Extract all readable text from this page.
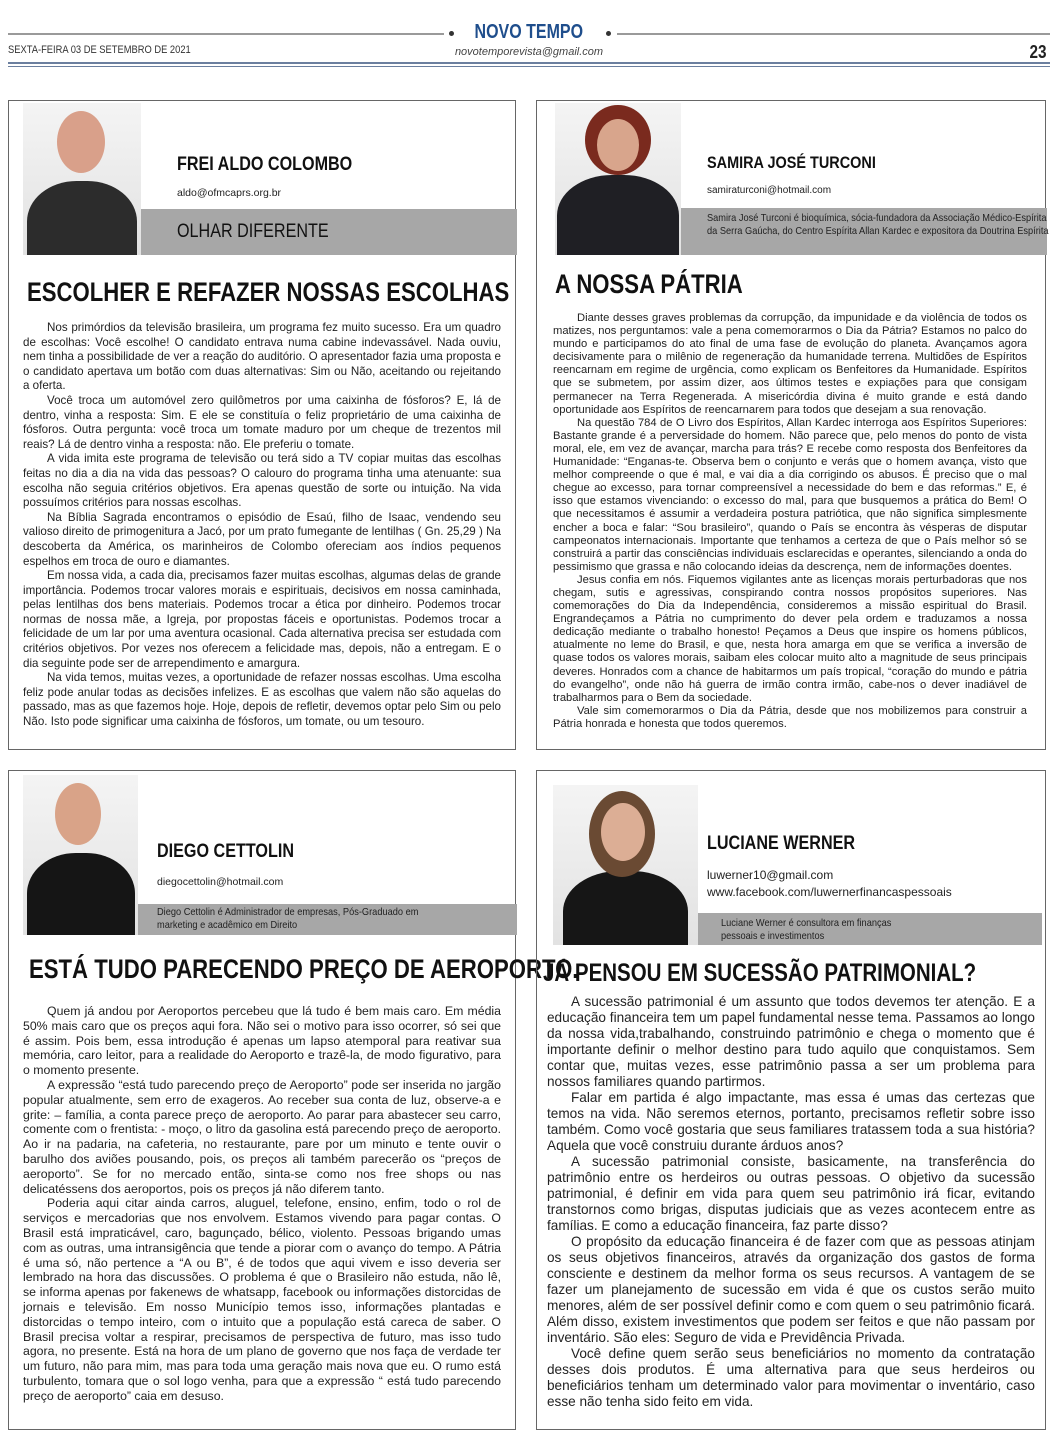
NOVO TEMPO
SEXTA-FEIRA 03 DE SETEMBRO DE 2021	novotemporevista@gmail.com	23
FREI ALDO COLOMBO
aldo@ofmcaprs.org.br
OLHAR DIFERENTE
ESCOLHER E REFAZER NOSSAS ESCOLHAS

Nos primórdios da televisão brasileira, um programa fez muito sucesso. Era um quadro de escolhas: Você escolhe! O candidato entrava numa cabine indevassável. Nada ouviu, nem tinha a possibilidade de ver a reação do auditório. O apresentador fazia uma proposta e o candidato apertava um botão com duas alternativas: Sim ou Não, aceitando ou rejeitando a oferta.

Você troca um automóvel zero quilômetros por uma caixinha de fósforos? E, lá de dentro, vinha a resposta: Sim. E ele se constituía o feliz proprietário de uma caixinha de fósforos. Outra pergunta: você troca um tomate maduro por um cheque de trezentos mil reais? Lá de dentro vinha a resposta: não. Ele preferiu o tomate.

A vida imita este programa de televisão ou terá sido a TV copiar muitas das escolhas feitas no dia a dia na vida das pessoas? O calouro do programa tinha uma atenuante: sua escolha não seguia critérios objetivos. Era apenas questão de sorte ou intuição. Na vida possuímos critérios para nossas escolhas.

Na Bíblia Sagrada encontramos o episódio de Esaú, filho de Isaac, vendendo seu valioso direito de primogenitura a Jacó, por um prato fumegante de lentilhas ( Gn. 25,29 ) Na descoberta da América, os marinheiros de Colombo ofereciam aos índios pequenos espelhos em troca de ouro e diamantes.

Em nossa vida, a cada dia, precisamos fazer muitas escolhas, algumas delas de grande importância. Podemos trocar valores morais e espirituais, decisivos em nossa caminhada, pelas lentilhas dos bens materiais. Podemos trocar a ética por dinheiro. Podemos trocar normas de nossa mãe, a Igreja, por propostas fáceis e oportunistas. Podemos trocar a felicidade de um lar por uma aventura ocasional. Cada alternativa precisa ser estudada com critérios objetivos. Por vezes nos oferecem a felicidade mas, depois, não a entregam. E o dia seguinte pode ser de arrependimento e amargura.

Na vida temos, muitas vezes, a oportunidade de refazer nossas escolhas. Uma escolha feliz pode anular todas as decisões infelizes. E as escolhas que valem não são aquelas do passado, mas as que fazemos hoje. Hoje, depois de refletir, devemos optar pelo Sim ou pelo Não. Isto pode significar uma caixinha de fósforos, um tomate, ou um tesouro.

SAMIRA JOSÉ TURCONI
samiraturconi@hotmail.com
Samira José Turconi é bioquímica, sócia-fundadora da Associação Médico-Espírita da Serra Gaúcha, do Centro Espírita Allan Kardec e expositora da Doutrina Espírita
A NOSSA PÁTRIA

Diante desses graves problemas da corrupção, da impunidade e da violência de todos os matizes, nos perguntamos: vale a pena comemorarmos o Dia da Pátria? Estamos no palco do mundo e participamos do ato final de uma fase de evolução do planeta. Avançamos agora decisivamente para o milênio de regeneração da humanidade terrena. Multidões de Espíritos reencarnam em regime de urgência, como explicam os Benfeitores da Humanidade. Espíritos que se submetem, por assim dizer, aos últimos testes e expiações para que consigam permanecer na Terra Regenerada. A misericórdia divina é muito grande e está dando oportunidade aos Espíritos de reencarnarem para todos que desejam a sua renovação.

Na questão 784 de O Livro dos Espíritos, Allan Kardec interroga aos Espíritos Superiores: Bastante grande é a perversidade do homem. Não parece que, pelo menos do ponto de vista moral, ele, em vez de avançar, marcha para trás? E recebe como resposta dos Benfeitores da Humanidade: “Enganas-te. Observa bem o conjunto e verás que o homem avança, visto que melhor compreende o que é mal, e vai dia a dia corrigindo os abusos. É preciso que o mal chegue ao excesso, para tornar compreensível a necessidade do bem e das reformas.” E, é isso que estamos vivenciando: o excesso do mal, para que busquemos a prática do Bem! O que necessitamos é assumir a verdadeira postura patriótica, que não significa simplesmente encher a boca e falar: “Sou brasileiro”, quando o País se encontra às vésperas de disputar campeonatos internacionais. Importante que tenhamos a certeza de que o País melhor só se construirá a partir das consciências individuais esclarecidas e operantes, silenciando a onda do pessimismo que grassa e não colocando ideias da descrença, nem de informações doentes.

Jesus confia em nós. Fiquemos vigilantes ante as licenças morais perturbadoras que nos chegam, sutis e agressivas, conspirando contra nossos propósitos superiores. Nas comemorações do Dia da Independência, consideremos a missão espiritual do Brasil. Engrandeçamos a Pátria no cumprimento do dever pela ordem e traduzamos a nossa dedicação mediante o trabalho honesto! Peçamos a Deus que inspire os homens públicos, atualmente no leme do Brasil, e que, nesta hora amarga em que se verifica a inversão de quase todos os valores morais, saibam eles colocar muito alto a magnitude de seus principais deveres. Honrados com a chance de habitarmos um país tropical, “coração do mundo e pátria do evangelho”, onde não há guerra de irmão contra irmão, cabe-nos o dever inadiável de trabalharmos para o Bem da sociedade.

Vale sim comemorarmos o Dia da Pátria, desde que nos mobilizemos para construir a Pátria honrada e honesta que todos queremos.

DIEGO CETTOLIN
diegocettolin@hotmail.com
Diego Cettolin é Administrador de empresas, Pós-Graduado em marketing e acadêmico em Direito
ESTÁ TUDO PARECENDO PREÇO DE AEROPORTO.

Quem já andou por Aeroportos percebeu que lá tudo é bem mais caro. Em média 50% mais caro que os preços aqui fora. Não sei o motivo para isso ocorrer, só sei que é assim. Pois bem, essa introdução é apenas um lapso atemporal para reativar sua memória, caro leitor, para a realidade do Aeroporto e trazê-la, de modo figurativo, para o momento presente.

A expressão “está tudo parecendo preço de Aeroporto” pode ser inserida no jargão popular atualmente, sem erro de exageros. Ao receber sua conta de luz, observe-a e grite: – família, a conta parece preço de aeroporto. Ao parar para abastecer seu carro, comente com o frentista: - moço, o litro da gasolina está parecendo preço de aeroporto. Ao ir na padaria, na cafeteria, no restaurante, pare por um minuto e tente ouvir o barulho dos aviões pousando, pois, os preços ali também parecerão os “preços de aeroporto”. Se for no mercado então, sinta-se como nos free shops ou nas delicatéssens dos aeroportos, pois os preços já não diferem tanto.

Poderia aqui citar ainda carros, aluguel, telefone, ensino, enfim, todo o rol de serviços e mercadorias que nos envolvem. Estamos vivendo para pagar contas. O Brasil está impraticável, caro, bagunçado, bélico, violento. Pessoas brigando umas com as outras, uma intransigência que tende a piorar com o avanço do tempo. A Pátria é uma só, não pertence a “A ou B”, é de todos que aqui vivem e isso deveria ser lembrado na hora das discussões. O problema é que o Brasileiro não estuda, não lê, se informa apenas por fakenews de whatsapp, facebook ou informações distorcidas de jornais e televisão. Em nosso Município temos isso, informações plantadas e distorcidas o tempo inteiro, com o intuito que a população está careca de saber. O Brasil precisa voltar a respirar, precisamos de perspectiva de futuro, mas isso tudo agora, no presente. Está na hora de um plano de governo que nos faça de verdade ter um futuro, não para mim, mas para toda uma geração mais nova que eu. O rumo está turbulento, tomara que o sol logo venha, para que a expressão “ está tudo parecendo preço de aeroporto” caia em desuso.

LUCIANE WERNER
luwerner10@gmail.com
www.facebook.com/luwernerfinancaspessoais
Luciane Werner é consultora em finanças pessoais e investimentos
JÁ PENSOU EM SUCESSÃO PATRIMONIAL?

A sucessão patrimonial é um assunto que todos devemos ter atenção. E a educação financeira tem um papel fundamental nesse tema. Passamos ao longo da nossa vida,trabalhando, construindo patrimônio e chega o momento que é importante definir o melhor destino para tudo aquilo que conquistamos. Sem contar que, muitas vezes, esse patrimônio passa a ser um problema para nossos familiares quando partirmos.

Falar em partida é algo impactante, mas essa é umas das certezas que temos na vida. Não seremos eternos, portanto, precisamos refletir sobre isso também. Como você gostaria que seus familiares tratassem toda a sua história? Aquela que você construiu durante árduos anos?

A sucessão patrimonial consiste, basicamente, na transferência do patrimônio entre os herdeiros ou outras pessoas. O objetivo da sucessão patrimonial, é definir em vida para quem seu patrimônio irá ficar, evitando transtornos como brigas, disputas judiciais que as vezes acontecem entre as famílias. E como a educação financeira, faz parte disso?

O propósito da educação financeira é de fazer com que as pessoas atinjam os seus objetivos financeiros, através da organização dos gastos de forma consciente e destinem da melhor forma os seus recursos. A vantagem de se fazer um planejamento de sucessão em vida é que os custos serão muito menores, além de ser possível definir como e com quem o seu patrimônio ficará. Além disso, existem investimentos que podem ser feitos e que não passam por inventário. São eles: Seguro de vida e Previdência Privada.

Você define quem serão seus beneficiários no momento da contratação desses dois produtos. É uma alternativa para que seus herdeiros ou beneficiários tenham um determinado valor para movimentar o inventário, caso esse não tenha sido feito em vida.
